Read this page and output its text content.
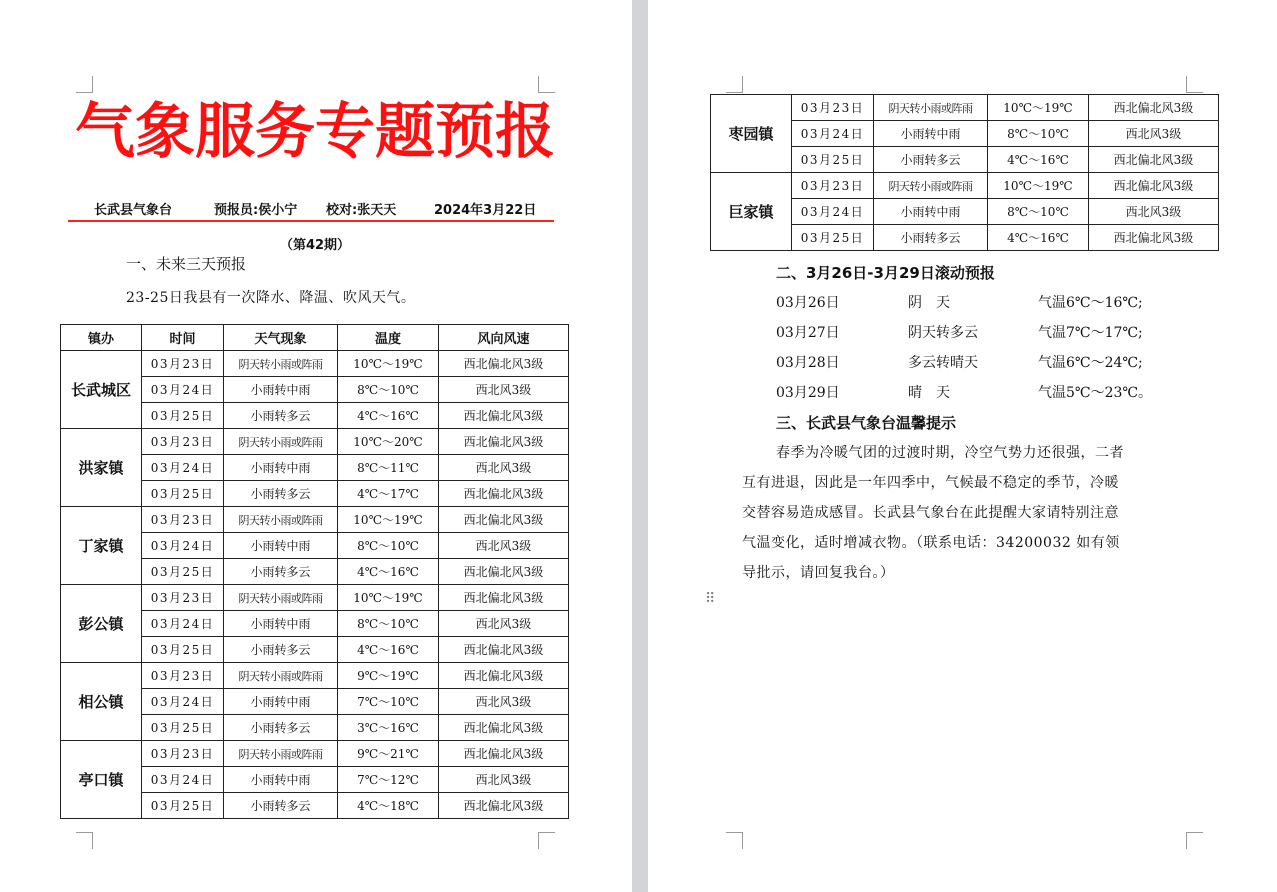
气象服务专题预报
长武县气象台	预报员:侯小宁 校对:张天天	2024年3月22日
（第42期）
一、未来三天预报
23-25日我县有一次降水、降温、吹风天气。
镇办	时间	天气现象	温度	风向风速
长武城区	03月23日	阴天转小雨或阵雨	10℃～19℃	西北偏北风3级
	03月24日	小雨转中雨	8℃～10℃	西北风3级
	03月25日	小雨转多云	4℃～16℃	西北偏北风3级
洪家镇	03月23日	阴天转小雨或阵雨	10℃～20℃	西北偏北风3级
	03月24日	小雨转中雨	8℃～11℃	西北风3级
	03月25日	小雨转多云	4℃～17℃	西北偏北风3级
丁家镇	03月23日	阴天转小雨或阵雨	10℃～19℃	西北偏北风3级
	03月24日	小雨转中雨	8℃～10℃	西北风3级
	03月25日	小雨转多云	4℃～16℃	西北偏北风3级
彭公镇	03月23日	阴天转小雨或阵雨	10℃～19℃	西北偏北风3级
	03月24日	小雨转中雨	8℃～10℃	西北风3级
	03月25日	小雨转多云	4℃～16℃	西北偏北风3级
相公镇	03月23日	阴天转小雨或阵雨	9℃～19℃	西北偏北风3级
	03月24日	小雨转中雨	7℃～10℃	西北风3级
	03月25日	小雨转多云	3℃～16℃	西北偏北风3级
亭口镇	03月23日	阴天转小雨或阵雨	9℃～21℃	西北偏北风3级
	03月24日	小雨转中雨	7℃～12℃	西北风3级
	03月25日	小雨转多云	4℃～18℃	西北偏北风3级
枣园镇	03月23日	阴天转小雨或阵雨	10℃～19℃	西北偏北风3级
	03月24日	小雨转中雨	8℃～10℃	西北风3级
	03月25日	小雨转多云	4℃～16℃	西北偏北风3级
巨家镇	03月23日	阴天转小雨或阵雨	10℃～19℃	西北偏北风3级
	03月24日	小雨转中雨	8℃～10℃	西北风3级
	03月25日	小雨转多云	4℃～16℃	西北偏北风3级
二、3月26日-3月29日滚动预报
03月26日	阴　天	气温6℃～16℃;
03月27日	阴天转多云	气温7℃～17℃;
03月28日	多云转晴天	气温6℃～24℃;
03月29日	晴　天	气温5℃～23℃。
三、长武县气象台温馨提示
春季为冷暖气团的过渡时期，冷空气势力还很强，二者
互有进退，因此是一年四季中，气候最不稳定的季节，冷暖
交替容易造成感冒。长武县气象台在此提醒大家请特别注意
气温变化，适时增减衣物。（联系电话：34200032 如有领
导批示，请回复我台。）
⠿
